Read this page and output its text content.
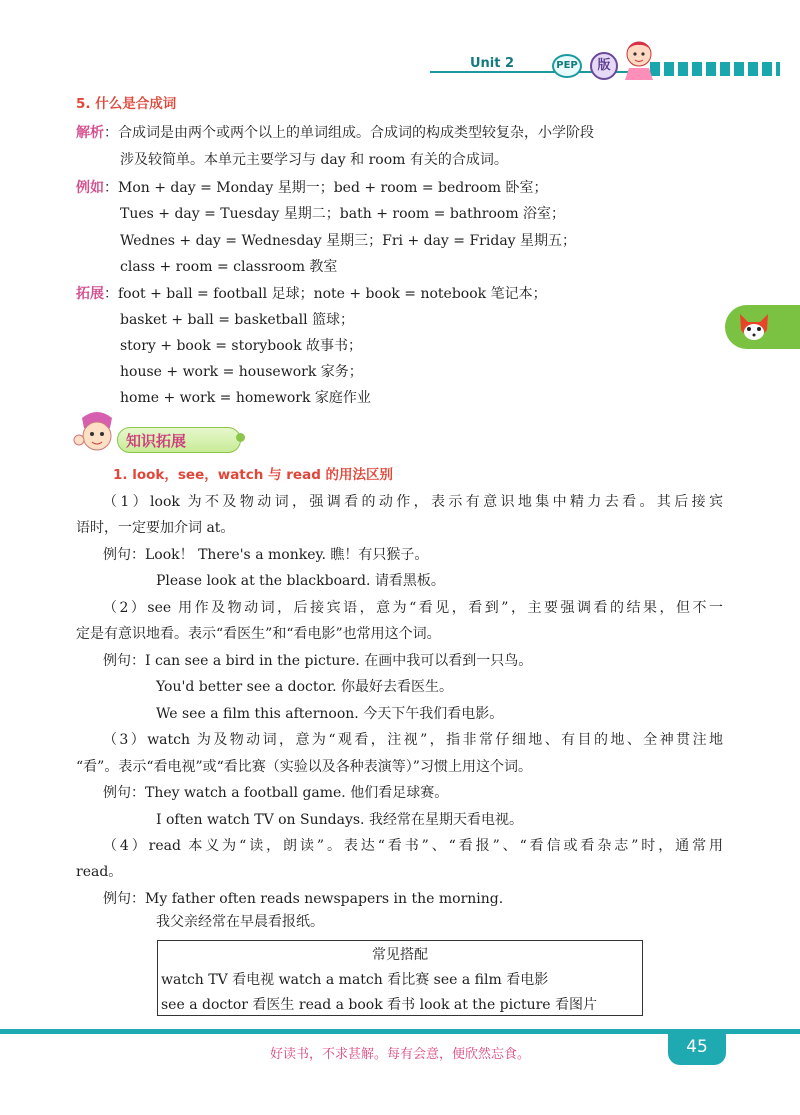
Unit 2	PEP	版
5. 什么是合成词
解析：合成词是由两个或两个以上的单词组成。合成词的构成类型较复杂，小学阶段
涉及较简单。本单元主要学习与 day 和 room 有关的合成词。
例如：Mon + day = Monday 星期一；bed + room = bedroom 卧室；
Tues + day = Tuesday 星期二；bath + room = bathroom 浴室；
Wednes + day = Wednesday 星期三；Fri + day = Friday 星期五；
class + room = classroom 教室
拓展：foot + ball = football 足球；note + book = notebook 笔记本；
basket + ball = basketball 篮球；
story + book = storybook 故事书；
house + work = housework 家务；
home + work = homework 家庭作业
知识拓展
1. look，see，watch 与 read 的用法区别
（1）look 为不及物动词，强调看的动作，表示有意识地集中精力去看。其后接宾
语时，一定要加介词 at。
例句：Look！ There's a monkey. 瞧！有只猴子。
Please look at the blackboard. 请看黑板。
（2）see 用作及物动词，后接宾语，意为“看见，看到”，主要强调看的结果，但不一
定是有意识地看。表示“看医生”和“看电影”也常用这个词。
例句：I can see a bird in the picture. 在画中我可以看到一只鸟。
You'd better see a doctor. 你最好去看医生。
We see a film this afternoon. 今天下午我们看电影。
（3）watch 为及物动词，意为“观看，注视”，指非常仔细地、有目的地、全神贯注地
“看”。表示“看电视”或“看比赛（实验以及各种表演等）”习惯上用这个词。
例句：They watch a football game. 他们看足球赛。
I often watch TV on Sundays. 我经常在星期天看电视。
（4）read 本义为“读，朗读”。表达“看书”、“看报”、“看信或看杂志”时，通常用
read。
例句：My father often reads newspapers in the morning.
我父亲经常在早晨看报纸。
常见搭配
watch TV 看电视 watch a match 看比赛 see a film 看电影
see a doctor 看医生 read a book 看书 look at the picture 看图片
好读书，不求甚解。每有会意，便欣然忘食。	45
